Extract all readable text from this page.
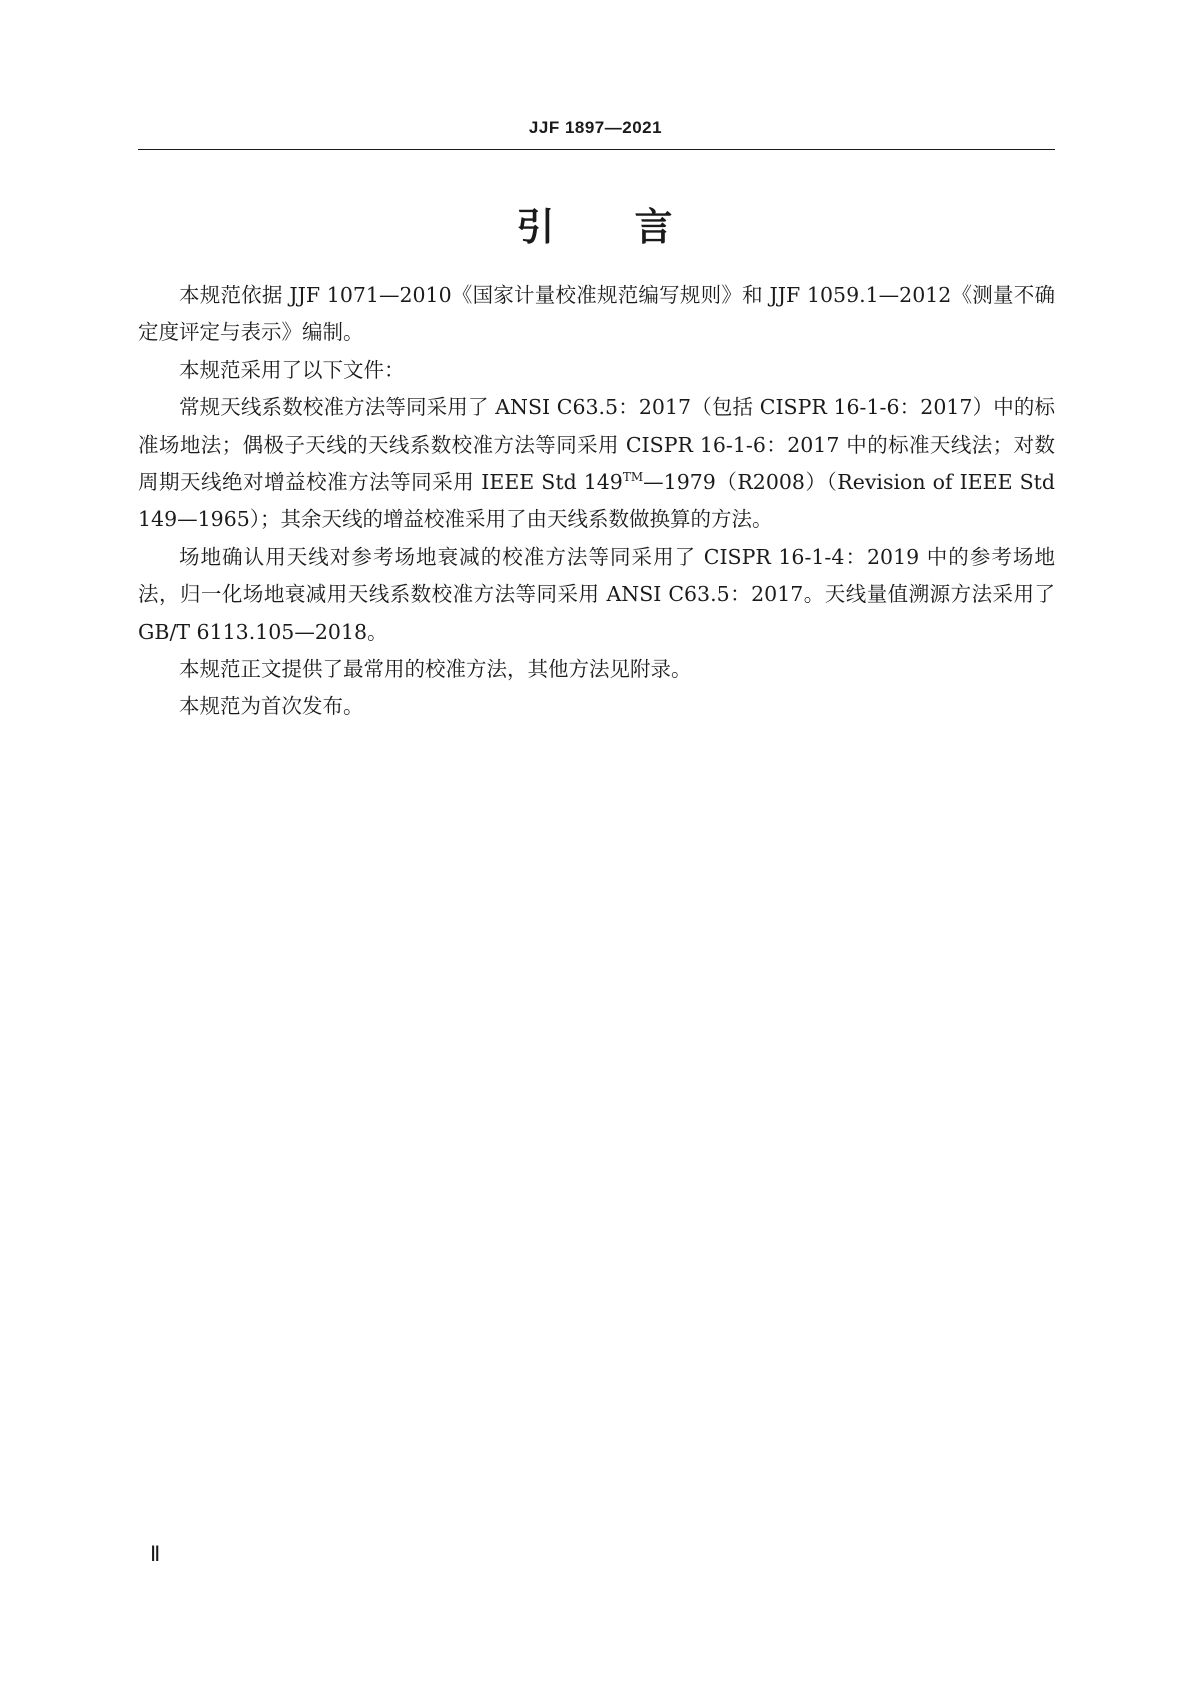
JJF 1897—2021
引 言

本规范依据 JJF 1071—2010《国家计量校准规范编写规则》和 JJF 1059.1—2012《测量不确定度评定与表示》编制。

本规范采用了以下文件：

常规天线系数校准方法等同采用了 ANSI C63.5：2017（包括 CISPR 16-1-6：2017）中的标准场地法；偶极子天线的天线系数校准方法等同采用 CISPR 16-1-6：2017 中的标准天线法；对数周期天线绝对增益校准方法等同采用 IEEE Std 149™—1979（R2008）（Revision of IEEE Std 149—1965）；其余天线的增益校准采用了由天线系数做换算的方法。

场地确认用天线对参考场地衰减的校准方法等同采用了 CISPR 16-1-4：2019 中的参考场地法，归一化场地衰减用天线系数校准方法等同采用 ANSI C63.5：2017。天线量值溯源方法采用了 GB/T 6113.105—2018。

本规范正文提供了最常用的校准方法，其他方法见附录。

本规范为首次发布。

Ⅱ
